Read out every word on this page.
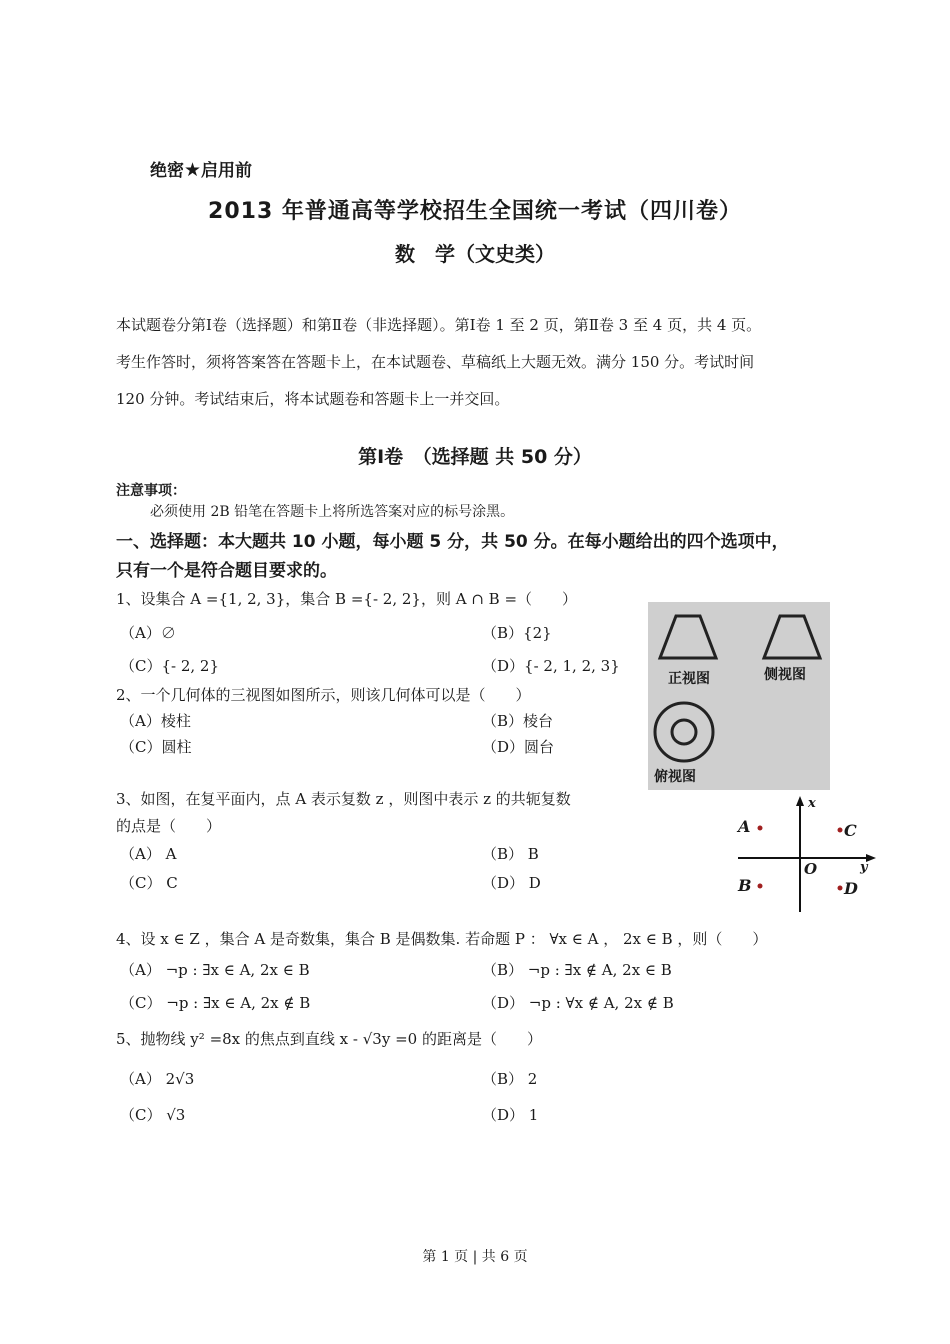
绝密★启用前
2013 年普通高等学校招生全国统一考试（四川卷）
数　学（文史类）
本试题卷分第Ⅰ卷（选择题）和第Ⅱ卷（非选择题）。第Ⅰ卷 1 至 2 页，第Ⅱ卷 3 至 4 页，共 4 页。
考生作答时，须将答案答在答题卡上，在本试题卷、草稿纸上大题无效。满分 150 分。考试时间
120 分钟。考试结束后，将本试题卷和答题卡上一并交回。
第Ⅰ卷　（选择题 共 50 分）
注意事项：
必须使用 2B 铅笔在答题卡上将所选答案对应的标号涂黑。
一、选择题：本大题共 10 小题，每小题 5 分，共 50 分。在每小题给出的四个选项中，
只有一个是符合题目要求的。
1、设集合 A ={1, 2, 3}，集合 B ={- 2, 2}，则 A ∩ B =（　　）
（A）∅	（B）{2}
（C）{- 2, 2}	（D）{- 2, 1, 2, 3}
2、一个几何体的三视图如图所示，则该几何体可以是（　　）
（A）棱柱	（B）棱台
（C）圆柱	（D）圆台
正视图	侧视图
俯视图
3、如图，在复平面内，点 A 表示复数 z ，则图中表示 z 的共轭复数
的点是（　　）
（A） A	（B） B
（C） C	（D） D
x
y
O
A
B
C
D
4、设 x ∈ Z ，集合 A 是奇数集，集合 B 是偶数集. 若命题 P ： ∀x ∈ A ， 2x ∈ B ，则（　　）
（A） ¬p : ∃x ∈ A, 2x ∈ B	（B） ¬p : ∃x ∉ A, 2x ∈ B
（C） ¬p : ∃x ∈ A, 2x ∉ B	（D） ¬p : ∀x ∉ A, 2x ∉ B
5、抛物线 y² =8x 的焦点到直线 x - √3y =0 的距离是（　　）
（A） 2√3	（B） 2
（C） √3	（D） 1
第 1 页 | 共 6 页
